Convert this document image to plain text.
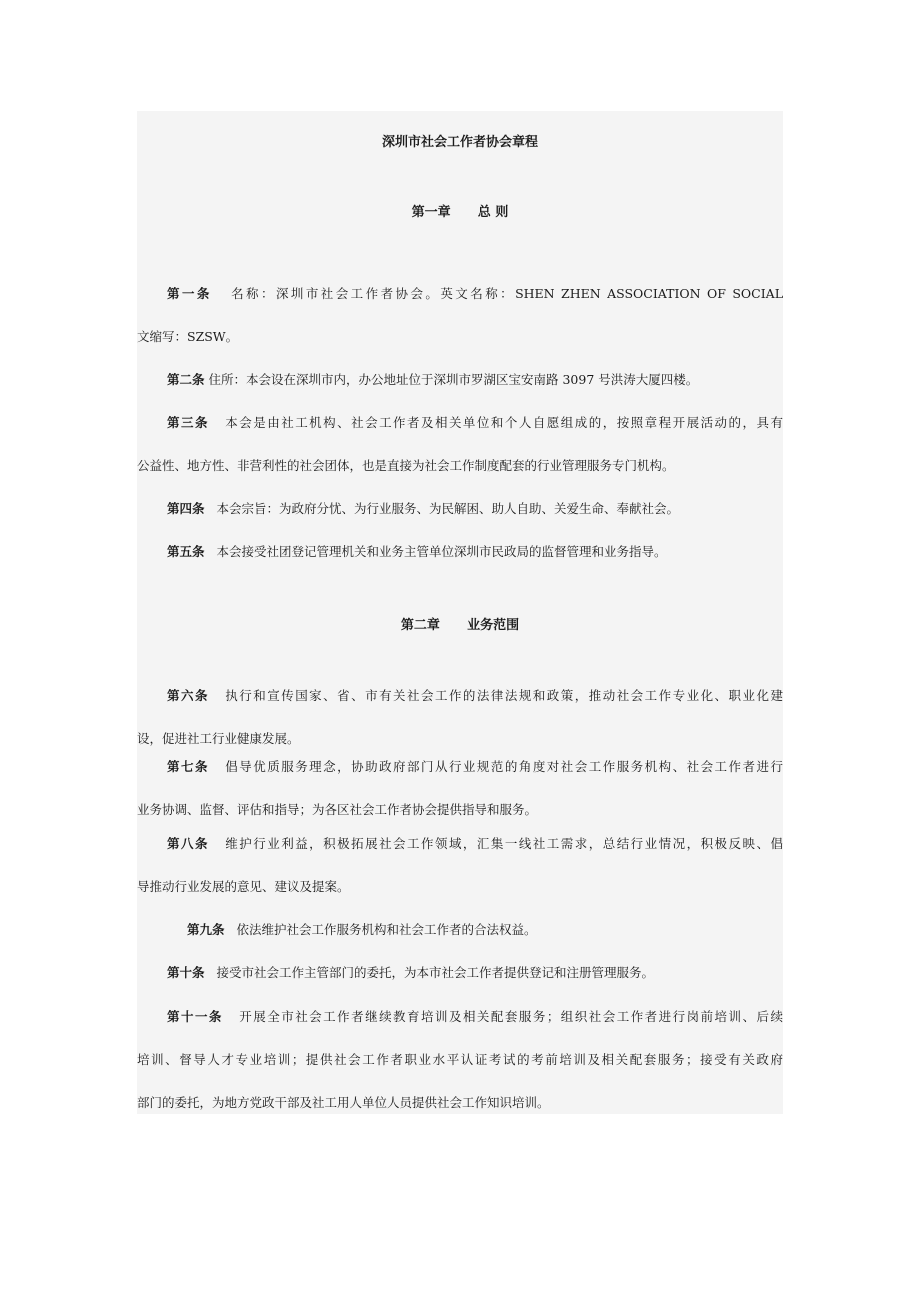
深圳市社会工作者协会章程
第一章      总 则
第一条 名称：深圳市社会工作者协会。英文名称：SHEN ZHEN ASSOCIATION OF SOCIAL
文缩写：SZSW。
第二条 住所：本会设在深圳市内，办公地址位于深圳市罗湖区宝安南路 3097 号洪涛大厦四楼。
第三条 本会是由社工机构、社会工作者及相关单位和个人自愿组成的，按照章程开展活动的，具有
公益性、地方性、非营利性的社会团体，也是直接为社会工作制度配套的行业管理服务专门机构。
第四条 本会宗旨：为政府分忧、为行业服务、为民解困、助人自助、关爱生命、奉献社会。
第五条 本会接受社团登记管理机关和业务主管单位深圳市民政局的监督管理和业务指导。
第二章      业务范围
第六条 执行和宣传国家、省、市有关社会工作的法律法规和政策，推动社会工作专业化、职业化建
设，促进社工行业健康发展。
第七条 倡导优质服务理念，协助政府部门从行业规范的角度对社会工作服务机构、社会工作者进行
业务协调、监督、评估和指导；为各区社会工作者协会提供指导和服务。
第八条 维护行业利益，积极拓展社会工作领域，汇集一线社工需求，总结行业情况，积极反映、倡
导推动行业发展的意见、建议及提案。
第九条 依法维护社会工作服务机构和社会工作者的合法权益。
第十条 接受市社会工作主管部门的委托，为本市社会工作者提供登记和注册管理服务。
第十一条 开展全市社会工作者继续教育培训及相关配套服务；组织社会工作者进行岗前培训、后续
培训、督导人才专业培训；提供社会工作者职业水平认证考试的考前培训及相关配套服务；接受有关政府
部门的委托，为地方党政干部及社工用人单位人员提供社会工作知识培训。
